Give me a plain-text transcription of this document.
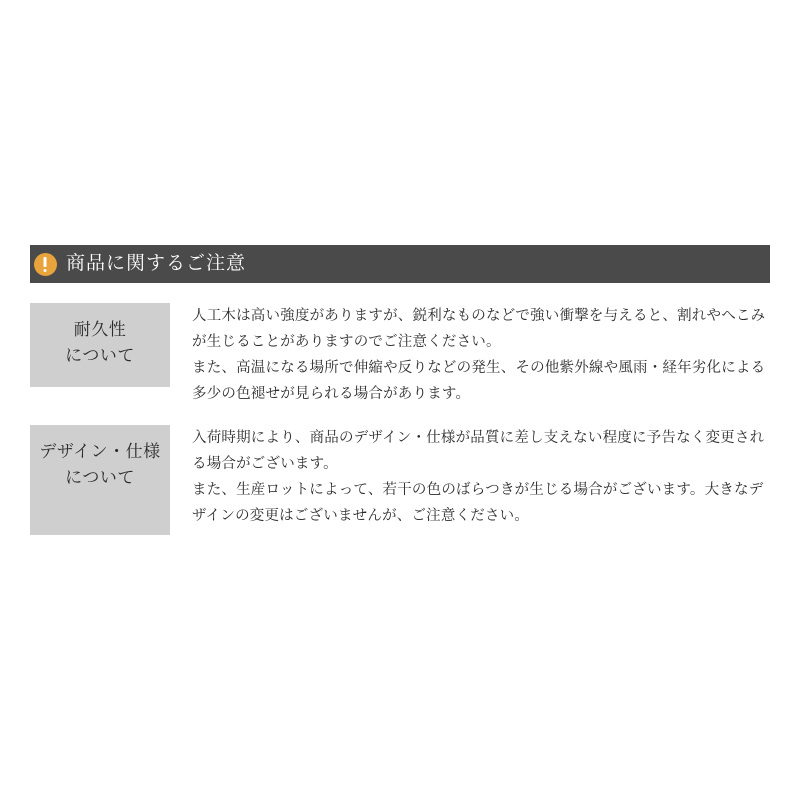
商品に関するご注意
耐久性
について

人工木は高い強度がありますが、鋭利なものなどで強い衝撃を与えると、割れやへこみが生じることがありますのでご注意ください。

また、高温になる場所で伸縮や反りなどの発生、その他紫外線や風雨・経年劣化による多少の色褪せが見られる場合があります。

デザイン・仕様
について

入荷時期により、商品のデザイン・仕様が品質に差し支えない程度に予告なく変更される場合がございます。

また、生産ロットによって、若干の色のばらつきが生じる場合がございます。大きなデザインの変更はございませんが、ご注意ください。
